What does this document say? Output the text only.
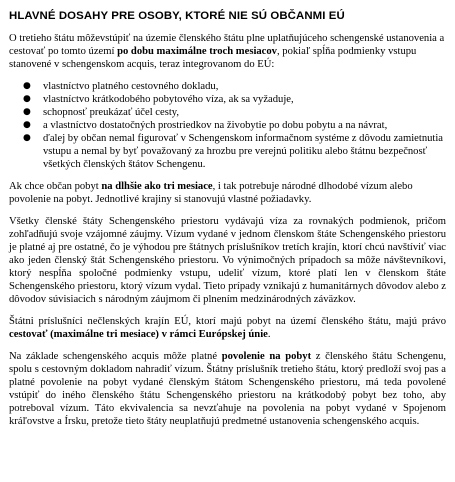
HLAVNÉ DOSAHY PRE OSOBY, KTORÉ NIE SÚ OBČANMI EÚ

O tretieho štátu môževstúpiť na územie členského štátu plne uplatňujúceho schengenské ustanovenia a cestovať po tomto území po dobu maximálne troch mesiacov, pokiaľ spĺňa podmienky vstupu stanovené v schengenskom acquis, teraz integrovanom do EÚ:

● vlastníctvo platného cestovného dokladu,
● vlastníctvo krátkodobého pobytového víza, ak sa vyžaduje,
● schopnosť preukázať účel cesty,
● a vlastníctvo dostatočných prostriedkov na živobytie po dobu pobytu a na návrat,
● ďalej by občan nemal figurovať v Schengenskom informačnom systéme z dôvodu zamietnutia vstupu a nemal by byť považovaný za hrozbu pre verejnú politiku alebo štátnu bezpečnosť všetkých členských štátov Schengenu.

Ak chce občan pobyt na dlhšie ako tri mesiace, i tak potrebuje národné dlhodobé vízum alebo povolenie na pobyt. Jednotlivé krajiny si stanovujú vlastné požiadavky.

Všetky členské štáty Schengenského priestoru vydávajú víza za rovnakých podmienok, pričom zohľadňujú svoje vzájomné záujmy. Vízum vydané v jednom členskom štáte Schengenského priestoru je platné aj pre ostatné, čo je výhodou pre štátnych príslušníkov tretích krajín, ktorí chcú navštíviť viac ako jeden členský štát Schengenského priestoru. Vo výnimočných prípadoch sa môže návštevníkovi, ktorý nespĺňa spoločné podmienky vstupu, udeliť vízum, ktoré platí len v členskom štáte Schengenského priestoru, ktorý vízum vydal. Tieto prípady vznikajú z humanitárnych dôvodov alebo z dôvodov súvisiacich s národným záujmom či plnením medzinárodných záväzkov.

Štátni príslušníci nečlenských krajín EÚ, ktorí majú pobyt na území členského štátu, majú právo cestovať (maximálne tri mesiace) v rámci Európskej únie.

Na základe schengenského acquis môže platné povolenie na pobyt z členského štátu Schengenu, spolu s cestovným dokladom nahradiť vízum. Štátny príslušník tretieho štátu, ktorý predloží svoj pas a platné povolenie na pobyt vydané členským štátom Schengenského priestoru, má teda povolené vstúpiť do iného členského štátu Schengenského priestoru na krátkodobý pobyt bez toho, aby potreboval vízum. Táto ekvivalencia sa nevzťahuje na povolenia na pobyt vydané v Spojenom kráľovstve a Írsku, pretože tieto štáty neuplatňujú predmetné ustanovenia schengenského acquis.
